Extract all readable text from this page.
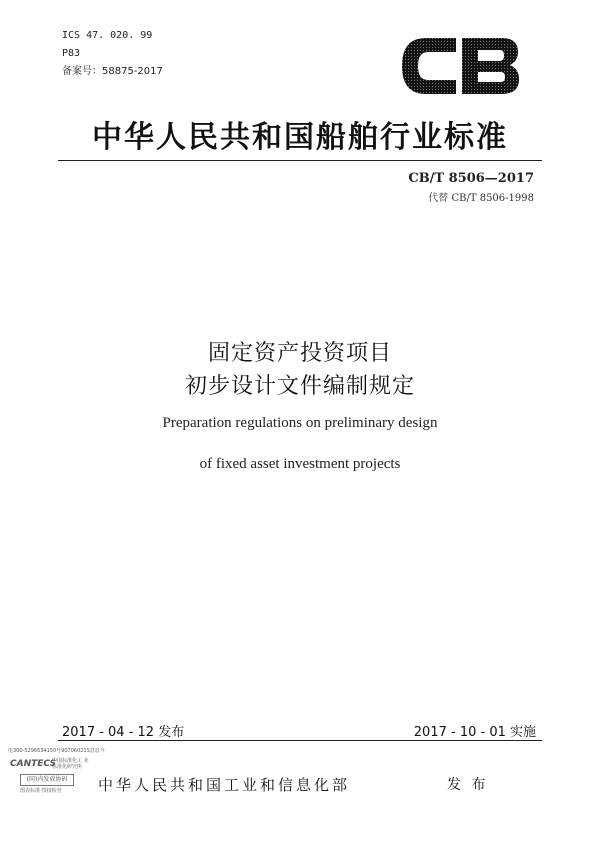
ICS 47. 020. 99
P83
备案号：58875-2017
中华人民共和国船舶行业标准
CB/T 8506—2017
代替 CB/T 8506-1998
固定资产投资项目
初步设计文件编制规定
Preparation regulations on preliminary design
of fixed asset investment projects
2017 - 04 - 12 发布	2017 - 10 - 01 实施
电300-5296634150号90706021S息息今
CANTECS
中国标准化工 业标准化研究所
(同)内发放协码
图表标准 授权检登	中华人民共和国工业和信息化部	发 布
